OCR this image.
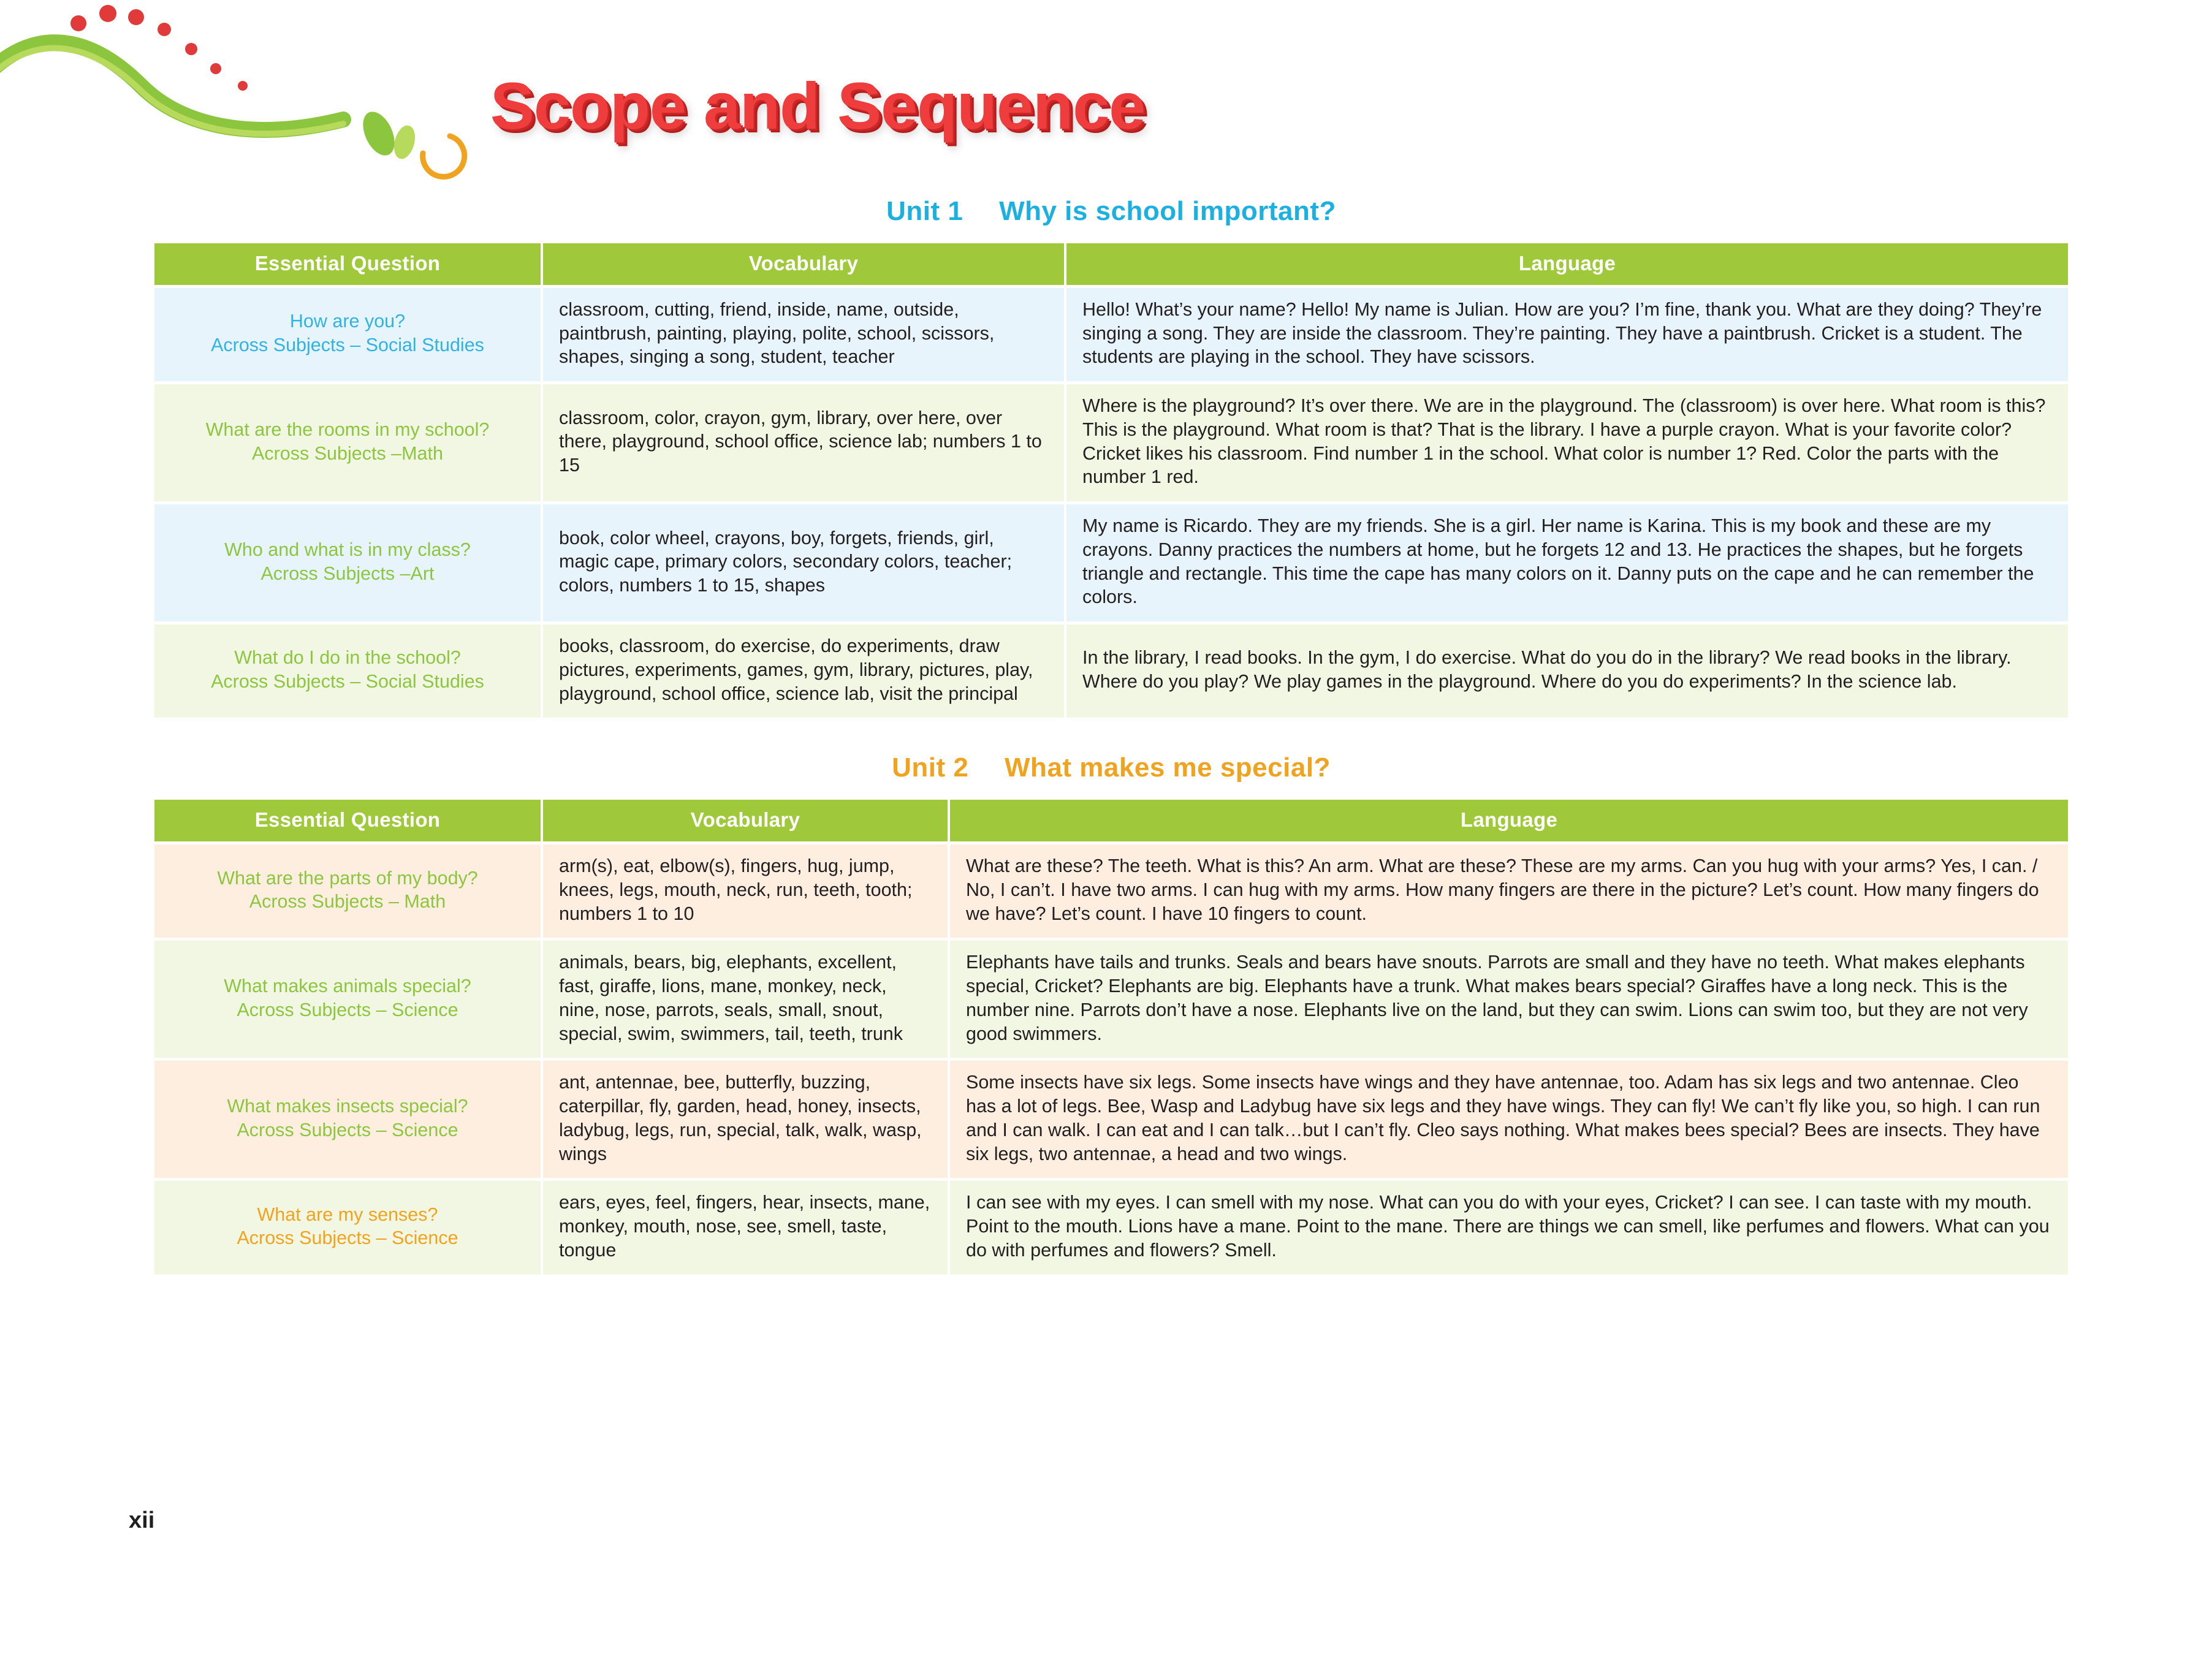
Scope and Sequence
Unit 1 Why is school important?
Essential Question	Vocabulary	Language
How are you?
Across Subjects – Social Studies	classroom, cutting, friend, inside, name, outside, paintbrush, painting, playing, polite, school, scissors, shapes, singing a song, student, teacher	Hello! What’s your name? Hello! My name is Julian. How are you? I’m fine, thank you. What are they doing? They’re singing a song. They are inside the classroom. They’re painting. They have a paintbrush. Cricket is a student. The students are playing in the school. They have scissors.
What are the rooms in my school?
Across Subjects –Math	classroom, color, crayon, gym, library, over here, over there, playground, school office, science lab; numbers 1 to 15	Where is the playground? It’s over there. We are in the playground. The (classroom) is over here. What room is this? This is the playground. What room is that? That is the library. I have a purple crayon. What is your favorite color? Cricket likes his classroom. Find number 1 in the school. What color is number 1? Red. Color the parts with the number 1 red.
Who and what is in my class?
Across Subjects –Art	book, color wheel, crayons, boy, forgets, friends, girl, magic cape, primary colors, secondary colors, teacher; colors, numbers 1 to 15, shapes	My name is Ricardo. They are my friends. She is a girl. Her name is Karina. This is my book and these are my crayons. Danny practices the numbers at home, but he forgets 12 and 13. He practices the shapes, but he forgets triangle and rectangle. This time the cape has many colors on it. Danny puts on the cape and he can remember the colors.
What do I do in the school?
Across Subjects – Social Studies	books, classroom, do exercise, do experiments, draw pictures, experiments, games, gym, library, pictures, play, playground, school office, science lab, visit the principal	In the library, I read books. In the gym, I do exercise. What do you do in the library? We read books in the library. Where do you play? We play games in the playground. Where do you do experiments? In the science lab.
Unit 2 What makes me special?
Essential Question	Vocabulary	Language
What are the parts of my body?
Across Subjects – Math	arm(s), eat, elbow(s), fingers, hug, jump, knees, legs, mouth, neck, run, teeth, tooth; numbers 1 to 10	What are these? The teeth. What is this? An arm. What are these? These are my arms. Can you hug with your arms? Yes, I can. / No, I can’t. I have two arms. I can hug with my arms. How many fingers are there in the picture? Let’s count. How many fingers do we have? Let’s count. I have 10 fingers to count.
What makes animals special?
Across Subjects – Science	animals, bears, big, elephants, excellent, fast, giraffe, lions, mane, monkey, neck, nine, nose, parrots, seals, small, snout, special, swim, swimmers, tail, teeth, trunk	Elephants have tails and trunks. Seals and bears have snouts. Parrots are small and they have no teeth. What makes elephants special, Cricket? Elephants are big. Elephants have a trunk. What makes bears special? Giraffes have a long neck. This is the number nine. Parrots don’t have a nose. Elephants live on the land, but they can swim. Lions can swim too, but they are not very good swimmers.
What makes insects special?
Across Subjects – Science	ant, antennae, bee, butterfly, buzzing, caterpillar, fly, garden, head, honey, insects, ladybug, legs, run, special, talk, walk, wasp, wings	Some insects have six legs. Some insects have wings and they have antennae, too. Adam has six legs and two antennae. Cleo has a lot of legs. Bee, Wasp and Ladybug have six legs and they have wings. They can fly! We can’t fly like you, so high. I can run and I can walk. I can eat and I can talk…but I can’t fly. Cleo says nothing. What makes bees special? Bees are insects. They have six legs, two antennae, a head and two wings.
What are my senses?
Across Subjects – Science	ears, eyes, feel, fingers, hear, insects, mane, monkey, mouth, nose, see, smell, taste, tongue	I can see with my eyes. I can smell with my nose. What can you do with your eyes, Cricket? I can see. I can taste with my mouth. Point to the mouth. Lions have a mane. Point to the mane. There are things we can smell, like perfumes and flowers. What can you do with perfumes and flowers? Smell.
xii
